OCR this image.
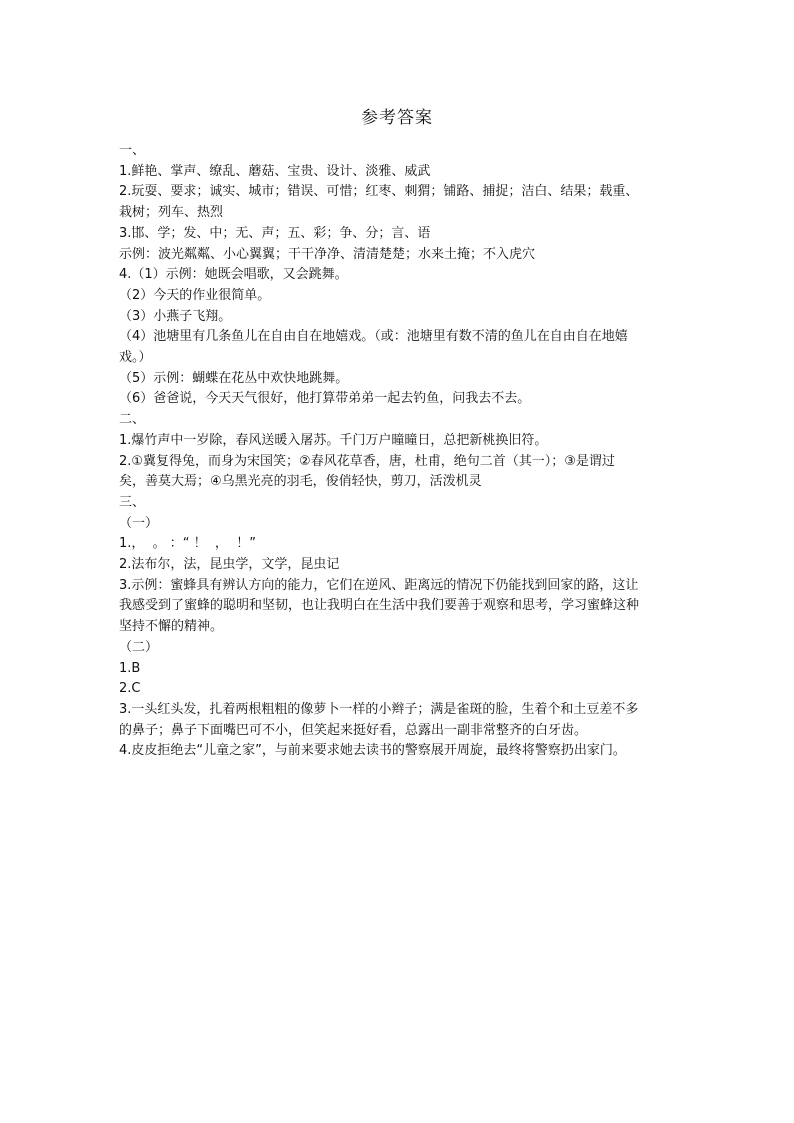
参考答案
一、
1.鲜艳、掌声、缭乱、蘑菇、宝贵、设计、淡雅、威武
2.玩耍、要求；诚实、城市；错误、可惜；红枣、刺猬；铺路、捕捉；洁白、结果；载重、
栽树；列车、热烈
3.邯、学；发、中；无、声；五、彩；争、分；言、语
示例：波光粼粼、小心翼翼；干干净净、清清楚楚；水来土掩；不入虎穴
4.（1）示例：她既会唱歌，又会跳舞。
（2）今天的作业很简单。
（3）小燕子飞翔。
（4）池塘里有几条鱼儿在自由自在地嬉戏。（或：池塘里有数不清的鱼儿在自由自在地嬉
戏。）
（5）示例：蝴蝶在花丛中欢快地跳舞。
（6）爸爸说，今天天气很好，他打算带弟弟一起去钓鱼，问我去不去。
二、
1.爆竹声中一岁除，春风送暖入屠苏。千门万户曈曈日，总把新桃换旧符。
2.①冀复得兔，而身为宋国笑；②春风花草香，唐，杜甫，绝句二首（其一）；③是谓过
矣，善莫大焉；④乌黑光亮的羽毛，俊俏轻快，剪刀，活泼机灵
三、
（一）
1.，  。 ：“ ！  ，  ！”
2.法布尔，法，昆虫学，文学，昆虫记
3.示例：蜜蜂具有辨认方向的能力，它们在逆风、距离远的情况下仍能找到回家的路，这让
我感受到了蜜蜂的聪明和坚韧，也让我明白在生活中我们要善于观察和思考，学习蜜蜂这种
坚持不懈的精神。
（二）
1.B
2.C
3.一头红头发，扎着两根粗粗的像萝卜一样的小辫子；满是雀斑的脸，生着个和土豆差不多
的鼻子；鼻子下面嘴巴可不小，但笑起来挺好看，总露出一副非常整齐的白牙齿。
4.皮皮拒绝去“儿童之家”，与前来要求她去读书的警察展开周旋，最终将警察扔出家门。
